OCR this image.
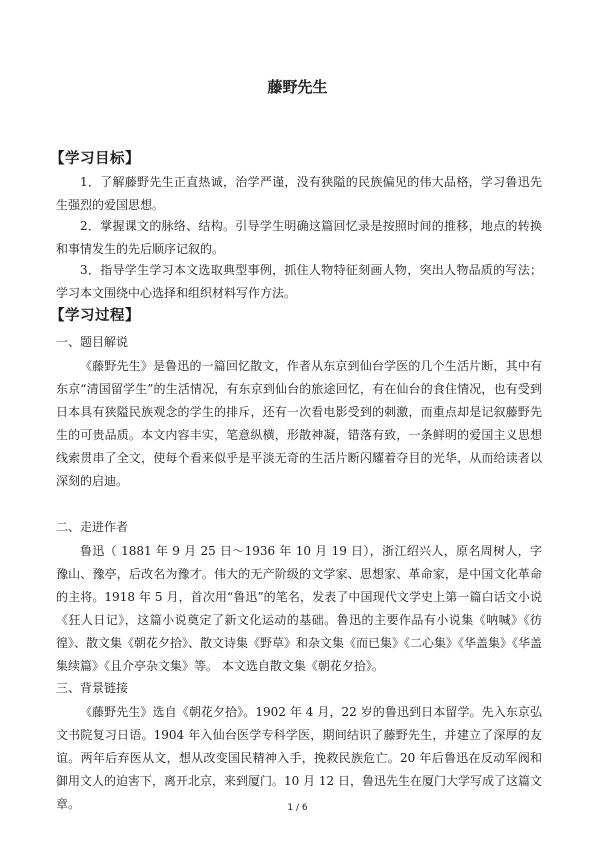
藤野先生
【学习目标】
1．了解藤野先生正直热诚，治学严谨，没有狭隘的民族偏见的伟大品格，学习鲁迅先生强烈的爱国思想。
2．掌握课文的脉络、结构。引导学生明确这篇回忆录是按照时间的推移，地点的转换和事情发生的先后顺序记叙的。
3．指导学生学习本文选取典型事例，抓住人物特征刻画人物，突出人物品质的写法；学习本文围绕中心选择和组织材料写作方法。
【学习过程】
一、题目解说
《藤野先生》是鲁迅的一篇回忆散文，作者从东京到仙台学医的几个生活片断，其中有东京“清国留学生”的生活情况，有东京到仙台的旅途回忆，有在仙台的食住情况，也有受到日本具有狭隘民族观念的学生的排斥，还有一次看电影受到的刺激，而重点却是记叙藤野先生的可贵品质。本文内容丰实，笔意纵横，形散神凝，错落有致，一条鲜明的爱国主义思想线索贯串了全文，使每个看来似乎是平淡无奇的生活片断闪耀着夺目的光华，从而给读者以深刻的启迪。
二、走进作者
鲁迅（ 1881 年 9 月 25 日～1936 年 10 月 19 日），浙江绍兴人，原名周树人，字豫山、豫亭，后改名为豫才。伟大的无产阶级的文学家、思想家、革命家，是中国文化革命的主将。1918 年 5 月，首次用“鲁迅”的笔名，发表了中国现代文学史上第一篇白话文小说《狂人日记》，这篇小说奠定了新文化运动的基础。鲁迅的主要作品有小说集《呐喊》《彷徨》、散文集《朝花夕拾》、散文诗集《野草》和杂文集《而已集》《二心集》《华盖集》《华盖集续篇》《且介亭杂文集》等。 本文选自散文集《朝花夕拾》。
三、背景链接
《藤野先生》选自《朝花夕拾》。1902 年 4 月，22 岁的鲁迅到日本留学。先入东京弘文书院复习日语。1904 年入仙台医学专科学医，期间结识了藤野先生，并建立了深厚的友谊。两年后弃医从文，想从改变国民精神入手，挽救民族危亡。20 年后鲁迅在反动军阀和御用文人的迫害下，离开北京，来到厦门。10 月 12 日，鲁迅先生在厦门大学写成了这篇文章。	1 / 6
